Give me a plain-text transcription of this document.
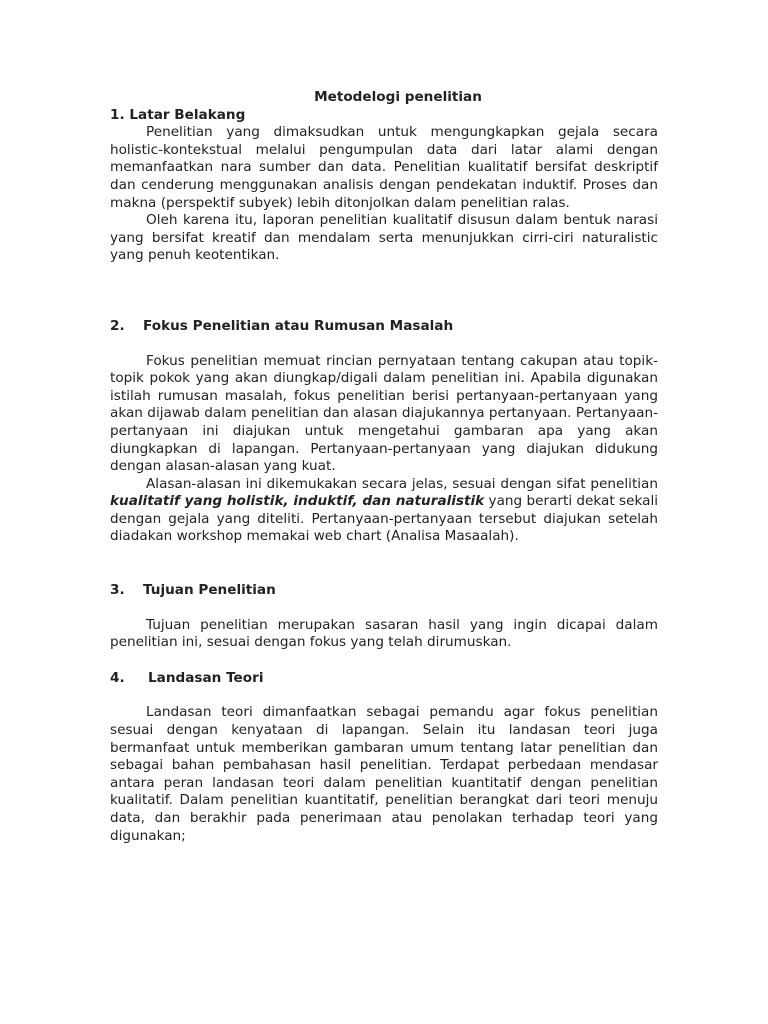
Metodelogi penelitian

1. Latar Belakang

Penelitian yang dimaksudkan untuk mengungkapkan gejala secara holistic-kontekstual melalui pengumpulan data dari latar alami dengan memanfaatkan nara sumber dan data. Penelitian kualitatif bersifat deskriptif dan cenderung menggunakan analisis dengan pendekatan induktif. Proses dan makna (perspektif subyek) lebih ditonjolkan dalam penelitian ralas.

Oleh karena itu, laporan penelitian kualitatif disusun dalam bentuk narasi yang bersifat kreatif dan mendalam serta menunjukkan cirri-ciri naturalistic yang penuh keotentikan.

2.	Fokus Penelitian atau Rumusan Masalah

Fokus penelitian memuat rincian pernyataan tentang cakupan atau topik-topik pokok yang akan diungkap/digali dalam penelitian ini. Apabila digunakan istilah rumusan masalah, fokus penelitian berisi pertanyaan-pertanyaan yang akan dijawab dalam penelitian dan alasan diajukannya pertanyaan. Pertanyaan-pertanyaan ini diajukan untuk mengetahui gambaran apa yang akan diungkapkan di lapangan. Pertanyaan-pertanyaan yang diajukan didukung dengan alasan-alasan yang kuat.

Alasan-alasan ini dikemukakan secara jelas, sesuai dengan sifat penelitian kualitatif yang holistik, induktif, dan naturalistik yang berarti dekat sekali dengan gejala yang diteliti. Pertanyaan-pertanyaan tersebut diajukan setelah diadakan workshop memakai web chart (Analisa Masaalah).

3.	Tujuan Penelitian

Tujuan penelitian merupakan sasaran hasil yang ingin dicapai dalam penelitian ini, sesuai dengan fokus yang telah dirumuskan.

4.	Landasan Teori

Landasan teori dimanfaatkan sebagai pemandu agar fokus penelitian sesuai dengan kenyataan di lapangan. Selain itu landasan teori juga bermanfaat untuk memberikan gambaran umum tentang latar penelitian dan sebagai bahan pembahasan hasil penelitian. Terdapat perbedaan mendasar antara peran landasan teori dalam penelitian kuantitatif dengan penelitian kualitatif. Dalam penelitian kuantitatif, penelitian berangkat dari teori menuju data, dan berakhir pada penerimaan atau penolakan terhadap teori yang digunakan;
